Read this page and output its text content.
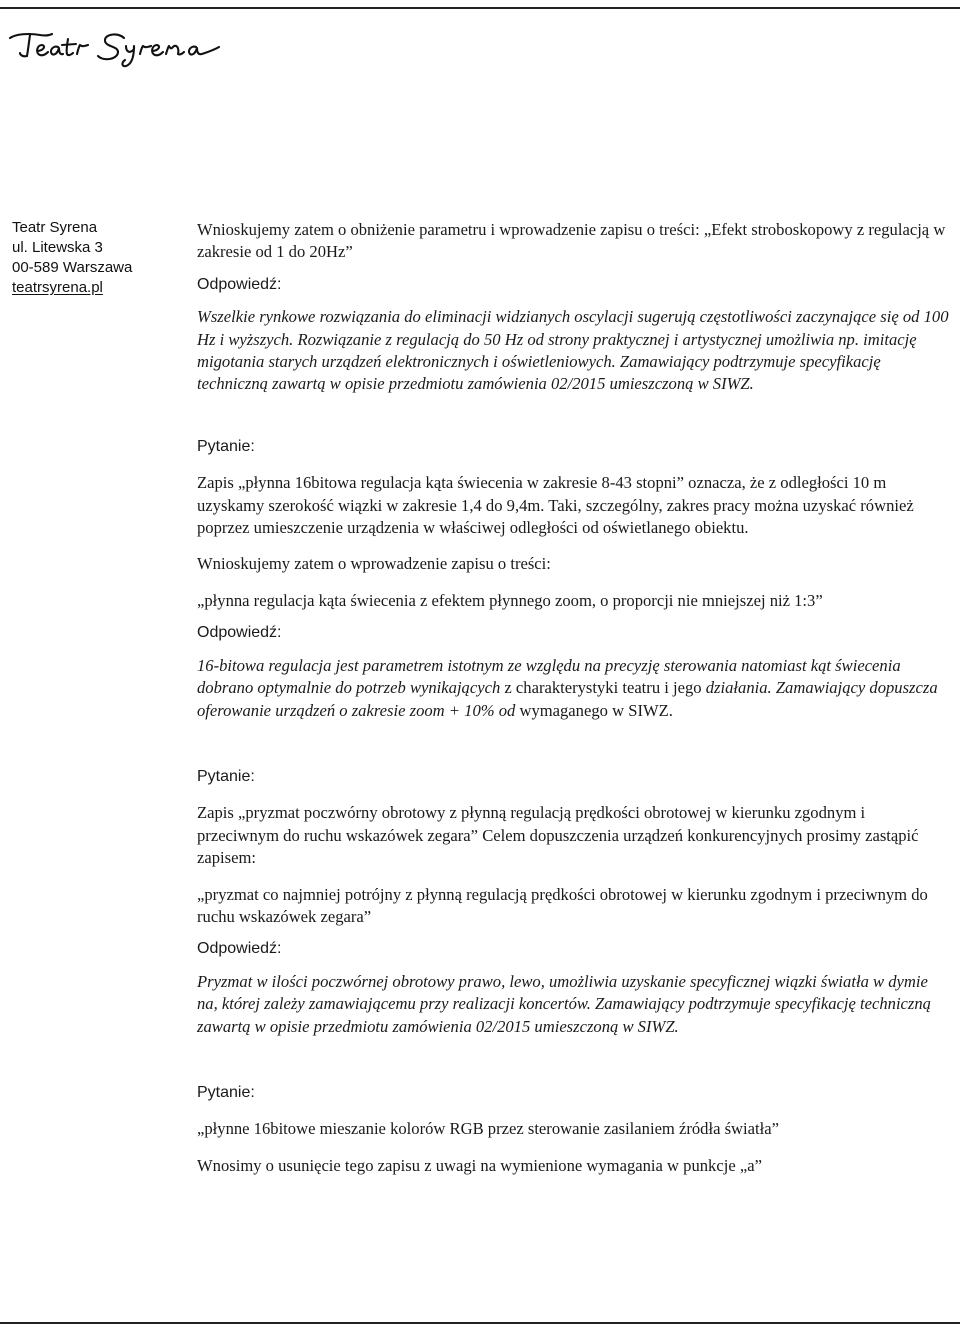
Teatr Syrena
ul. Litewska 3
00-589 Warszawa
teatrsyrena.pl

Wnioskujemy zatem o obniżenie parametru i wprowadzenie zapisu o treści: „Efekt stroboskopowy z regulacją w zakresie od 1 do 20Hz”

Odpowiedź:

Wszelkie rynkowe rozwiązania do eliminacji widzianych oscylacji sugerują częstotliwości zaczynające się od 100 Hz i wyższych. Rozwiązanie z regulacją do 50 Hz od strony praktycznej i artystycznej umożliwia np. imitację migotania starych urządzeń elektronicznych i oświetleniowych. Zamawiający podtrzymuje specyfikację techniczną zawartą w opisie przedmiotu zamówienia 02/2015 umieszczoną w SIWZ.

Pytanie:

Zapis „płynna 16bitowa regulacja kąta świecenia w zakresie 8-43 stopni” oznacza, że z odległości 10 m uzyskamy szerokość wiązki w zakresie 1,4 do 9,4m. Taki, szczególny, zakres pracy można uzyskać również poprzez umieszczenie urządzenia w właściwej odległości od oświetlanego obiektu.

Wnioskujemy zatem o wprowadzenie zapisu o treści:

„płynna regulacja kąta świecenia z efektem płynnego zoom, o proporcji nie mniejszej niż 1:3”

Odpowiedź:

16-bitowa regulacja jest parametrem istotnym ze względu na precyzję sterowania natomiast kąt świecenia dobrano optymalnie do potrzeb wynikających z charakterystyki teatru i jego działania. Zamawiający dopuszcza oferowanie urządzeń o zakresie zoom + 10% od wymaganego w SIWZ.

Pytanie:

Zapis „pryzmat poczwórny obrotowy z płynną regulacją prędkości obrotowej w kierunku zgodnym i przeciwnym do ruchu wskazówek zegara” Celem dopuszczenia urządzeń konkurencyjnych prosimy zastąpić zapisem:

„pryzmat co najmniej potrójny z płynną regulacją prędkości obrotowej w kierunku zgodnym i przeciwnym do ruchu wskazówek zegara”

Odpowiedź:

Pryzmat w ilości poczwórnej obrotowy prawo, lewo, umożliwia uzyskanie specyficznej wiązki światła w dymie na, której zależy zamawiającemu przy realizacji koncertów. Zamawiający podtrzymuje specyfikację techniczną zawartą w opisie przedmiotu zamówienia 02/2015 umieszczoną w SIWZ.

Pytanie:

„płynne 16bitowe mieszanie kolorów RGB przez sterowanie zasilaniem źródła światła”

Wnosimy o usunięcie tego zapisu z uwagi na wymienione wymagania w punkcje „a”
